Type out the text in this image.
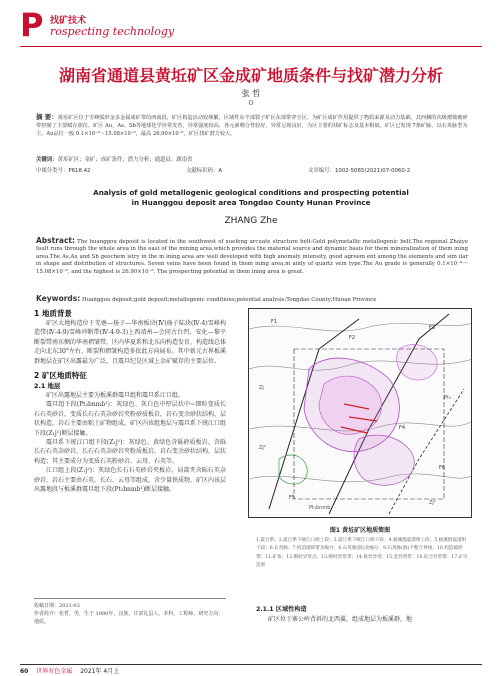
P 找矿技术
rospecting technology
湖南省通道县黄坵矿区金成矿地质条件与找矿潜力分析
张 哲
O
摘 要：黄坵矿区位于雪峰弧形金多金属成矿带的西南段，矿区构造活动较频繁，区域性东半部裂子矿区东部带穿全区，为矿区成矿作用提供了物质来源及动力基础，其西侧的次级褶皱破碎带控制了主要赋存部位。矿区 Au、As、Sb等地球化学异常发育，异常强度较高，各元素吻合性较好，异常呈现良好，为区主要的找矿标志及基本相似。矿区已发现 7条矿脉，以石英脉型为主，Au品位一般 0.1×10⁻⁶～15.08×10⁻⁶，最高 26.90×10⁻⁶，矿区找矿潜力较大。
关键词：黄坵矿区；金矿；成矿条件；潜力分析；通道县；湖南省
中图分类号：P618.42	文献标识码：A	文章编号：1002-5065(2021)07-0060-2
Analysis of gold metallogenic geological conditions and prospecting potential
in Huanggou deposit area Tongdao County Hunan Province
ZHANG Zhe
Abstract: The huanggou deposit is located in the southwest of xuefeng arcuate structure belt-Gold polymetallic metallogenic belt.The regional Zhaiye fault runs through the whole area in the east of the mining area,which provides the material source and dynamic basis for them mineralization of them ining area.The As,Au and Sb geochem istry in the m ining area are well developed with high anomaly intensity, good agreem ent among the elements and sim ilar in shape and distribution of structures. Seven veins have been found in them ining area,m ainly of quartz vein type.The Au grade is generally 0.1×10⁻⁶～15.08×10⁻⁶, and the highest is 26.90×10⁻⁶. The prospecting potential in them ining area is great.
Keywords: Huanggou deposit;gold deposit;metallogenic conditions;potential analysis;Tongdao County;Hunan Province
1 地质背景
矿区大地构造位于羌塘—扬子—华南板块(Ⅳ)扬子陆块(Ⅳ-4)雪峰构造带(Ⅳ-4-9)雪峰冲断带(Ⅳ-4-9-3)上西靖州—会同古台凹，安化—黎平断裂带南东侧的华南褶皱带，区内华夏系和北东向构造发育，构造线总体走向北东30°左右，断裂和褶皱构造多依此方向展布。其中新元古界板溪群地层在矿区出露最为广泛，且震旦纪是区域上金矿赋存的主要层位。
2 矿区地质特征
2.1 地层
矿区出露地层主要为板溪群震旦组和震旦系江口组。
震旦组下段(Pt₃bnmb¹)：灰绿色、灰白色中厚层状中~细粒变质长石石英砂岩，变质长石石英杂砂岩夹粉砂质板岩，岩石变余砂状结构，层状构造，岩石主要由粘土矿物组成，矿区内该组地层与震旦系下统江口组下段(Z₁j¹)断层接触。
震旦系下统江口组下段(Z₁j¹)：灰绿色、黄绿色含砾砂质板岩、含砾长石石英杂砂岩，长石石英杂砂岩夹粉质板岩，岩石变余砂状结构，层状构造；其主要成分为变质石英粉砂岩、云母、石英等。
江口组上段(Z₁j²)：灰绿色长石石英砂岩夹板岩，局部夹含砾石英杂砂岩，岩石主要由石英、长石、云母等组成，含少量铁质物，矿区内该层出露地段与板溪群震旦组下段(Pt₃bnmb¹)断层接触。
收稿日期：2021-03
作者简介：张哲，男，生于 1980年，汉族，甘肃礼县人，本科，工程师，研究方向：地质。
F1
F2
F3
F4
F5
F6
Zj
Pt₃
Zj²
Zj¹
Pt₃bnmb
图1 黄坵矿区地质简图
1.震旦系；2.震旦系下统江口组上段；3.震旦系下统江口组下段；4.板溪群震渚组上段；5.板溪群震渚组下段；6.长英脉；7.构造破碎带及编号；8.石英脉(脉)及编号；9.石英脉(脉)不整合界线；10.构造破碎带；11.矿体；12.断时异常点；13.断时异常带；14.推异异常；15.金异常带；16.综合异常带；17.矿区范围
2.1.1 区域性构造
矿区位于寨公岭背斜的北西翼，组成地层为板溪群，地
60 世界有色金属 2021年 4月上
